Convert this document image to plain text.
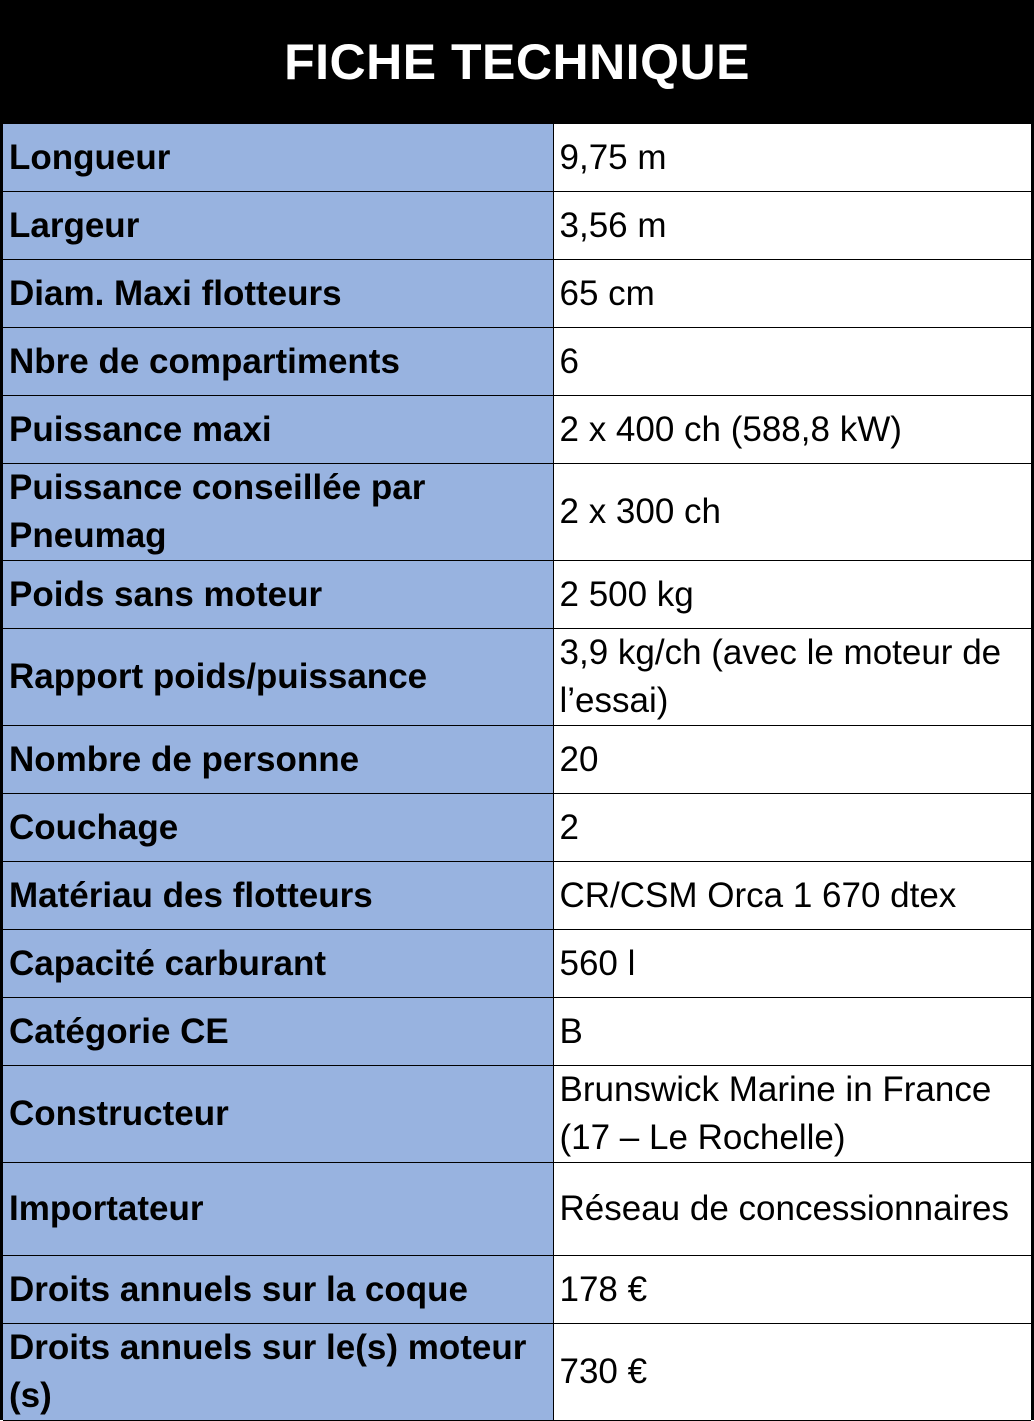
FICHE TECHNIQUE
Longueur	9,75 m
Largeur	3,56 m
Diam. Maxi flotteurs	65 cm
Nbre de compartiments	6
Puissance maxi	2 x 400 ch (588,8 kW)
Puissance conseillée par Pneumag	2 x 300 ch
Poids sans moteur	2 500 kg
Rapport poids/puissance	3,9 kg/ch (avec le moteur de l’essai)
Nombre de personne	20
Couchage	2
Matériau des flotteurs	CR/CSM Orca 1 670 dtex
Capacité carburant	560 l
Catégorie CE	B
Constructeur	Brunswick Marine in France (17 – Le Rochelle)
Importateur	Réseau de concessionnaires
Droits annuels sur la coque	178 €
Droits annuels sur le(s) moteur (s)	730 €
